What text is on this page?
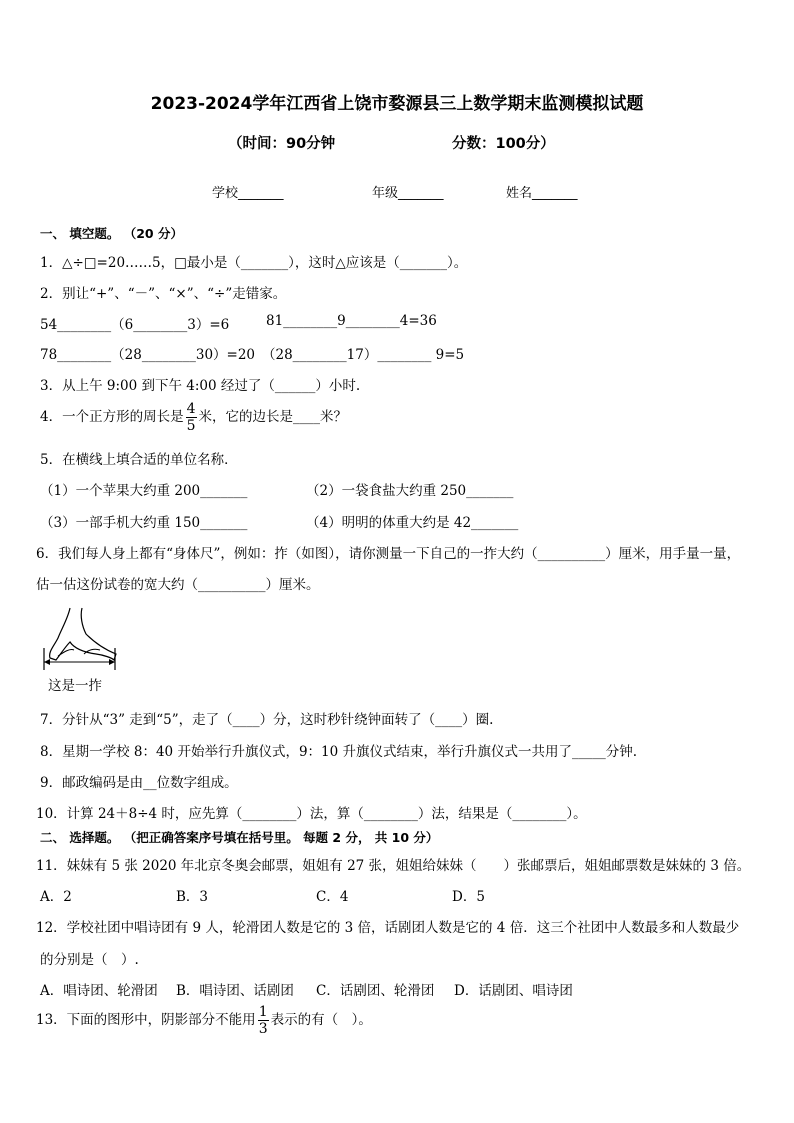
2023-2024学年江西省上饶市婺源县三上数学期末监测模拟试题
（时间：90分钟	分数：100分）
学校_______	年级_______	姓名_______
一、 填空题。 （20 分）
1．△÷□=20……5，□最小是（_______），这时△应该是（_______）。
2．别让“+”、“－”、“×”、“÷”走错家。
54________（6________3）=6	81________9________4=36
78________（28________30）=20 （28________17）________ 9=5
3．从上午 9:00 到下午 4:00 经过了（______）小时.
4．一个正方形的周长是 $\frac{4}{5}$ 米，它的边长是____米？
5．在横线上填合适的单位名称．
（1）一个苹果大约重 200_______	（2）一袋食盐大约重 250_______
（3）一部手机大约重 150_______	（4）明明的体重大约是 42_______
6．我们每人身上都有“身体尺”，例如：拃（如图），请你测量一下自己的一拃大约（__________）厘米，用手量一量，
估一估这份试卷的宽大约（__________）厘米。
这是一拃
7．分针从“3” 走到“5”，走了（____）分，这时秒针绕钟面转了（____）圈.
8．星期一学校 8：40 开始举行升旗仪式，9：10 升旗仪式结束，举行升旗仪式一共用了_____分钟.
9．邮政编码是由__位数字组成。
10．计算 24＋8÷4 时，应先算（________）法，算（________）法，结果是（________）。
二、 选择题。 （把正确答案序号填在括号里。 每题 2 分， 共 10 分）
11．妹妹有 5 张 2020 年北京冬奥会邮票，姐姐有 27 张，姐姐给妹妹（　　）张邮票后，姐姐邮票数是妹妹的 3 倍。
A．2	B．3	C．4	D．5
12．学校社团中唱诗团有 9 人，轮滑团人数是它的 3 倍，话剧团人数是它的 4 倍．这三个社团中人数最多和人数最少
的分别是（　）.
A．唱诗团、轮滑团 B．唱诗团、话剧团 C．话剧团、轮滑团 D．话剧团、唱诗团
13．下面的图形中，阴影部分不能用 $\frac{1}{3}$ 表示的有（　）。
